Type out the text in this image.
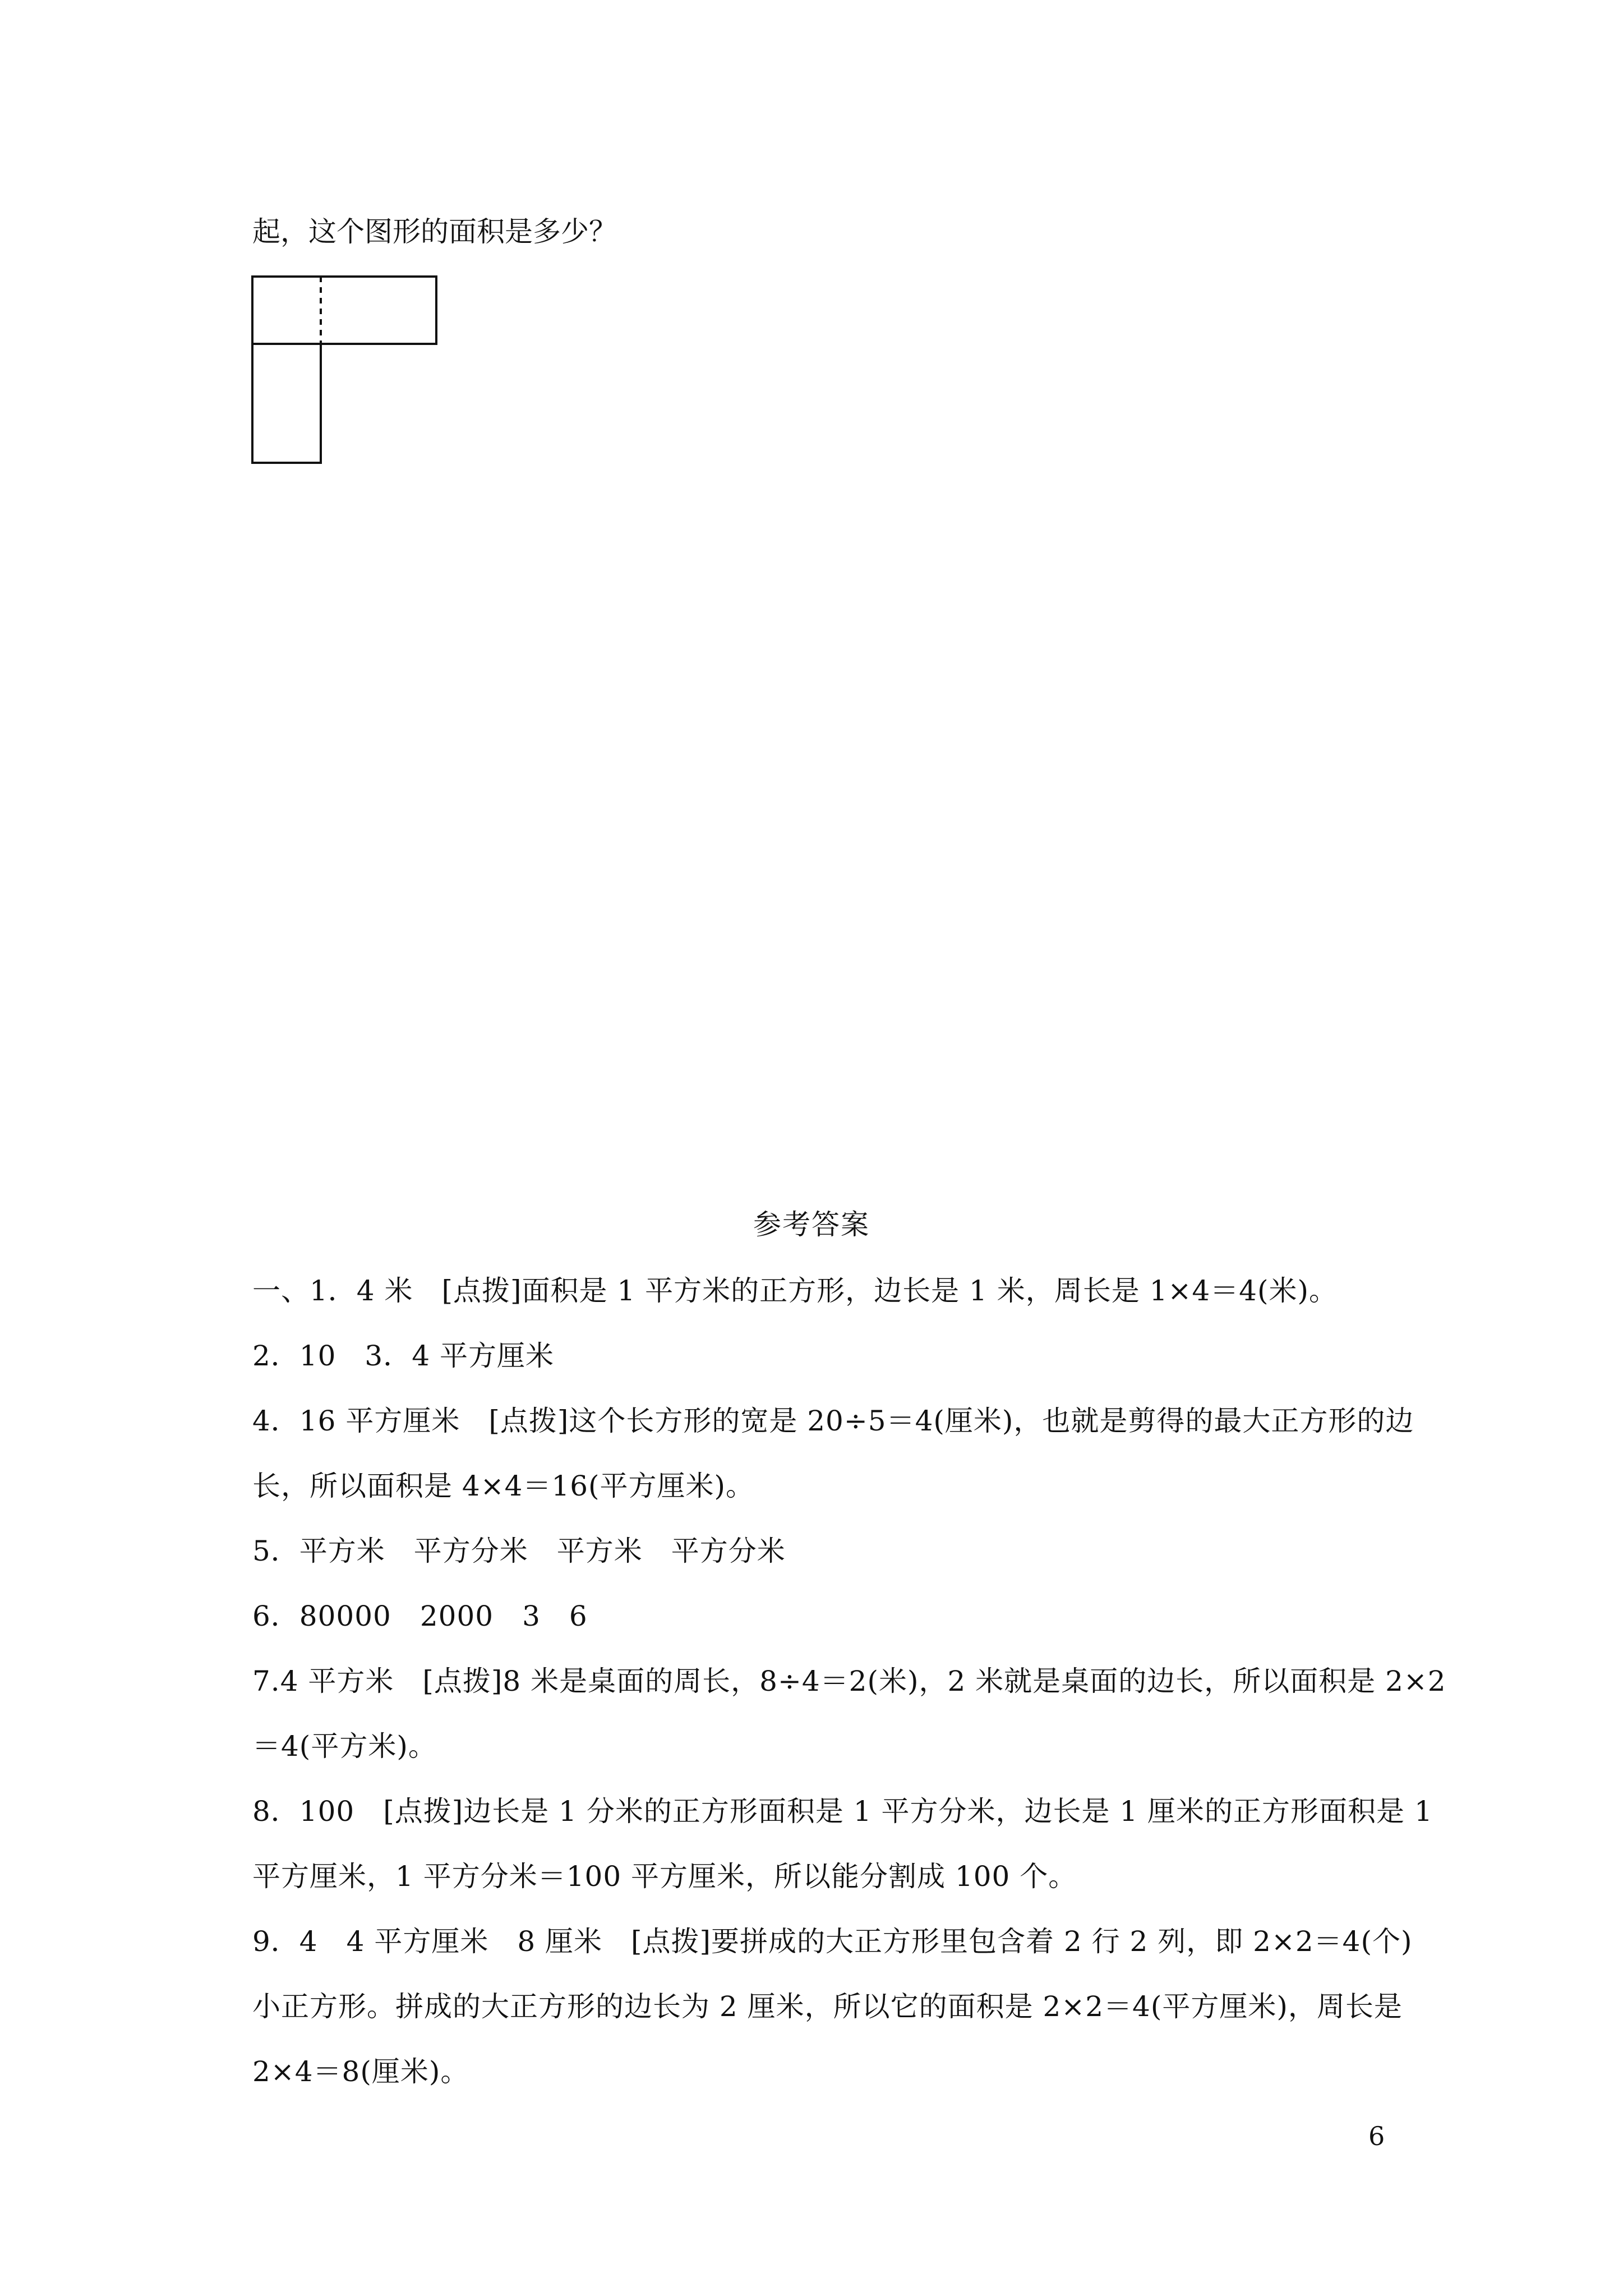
起，这个图形的面积是多少？
参考答案
一、1．4 米　[点拨]面积是 1 平方米的正方形，边长是 1 米，周长是 1×4＝4(米)。
2．10　3．4 平方厘米
4．16 平方厘米　[点拨]这个长方形的宽是 20÷5＝4(厘米)，也就是剪得的最大正方形的边
长，所以面积是 4×4＝16(平方厘米)。
5．平方米　平方分米　平方米　平方分米
6．80000　2000　3　6
7.4 平方米　[点拨]8 米是桌面的周长，8÷4＝2(米)，2 米就是桌面的边长，所以面积是 2×2
＝4(平方米)。
8．100　[点拨]边长是 1 分米的正方形面积是 1 平方分米，边长是 1 厘米的正方形面积是 1
平方厘米，1 平方分米＝100 平方厘米，所以能分割成 100 个。
9．4　4 平方厘米　8 厘米　[点拨]要拼成的大正方形里包含着 2 行 2 列，即 2×2＝4(个)
小正方形。拼成的大正方形的边长为 2 厘米，所以它的面积是 2×2＝4(平方厘米)，周长是
2×4＝8(厘米)。
6
